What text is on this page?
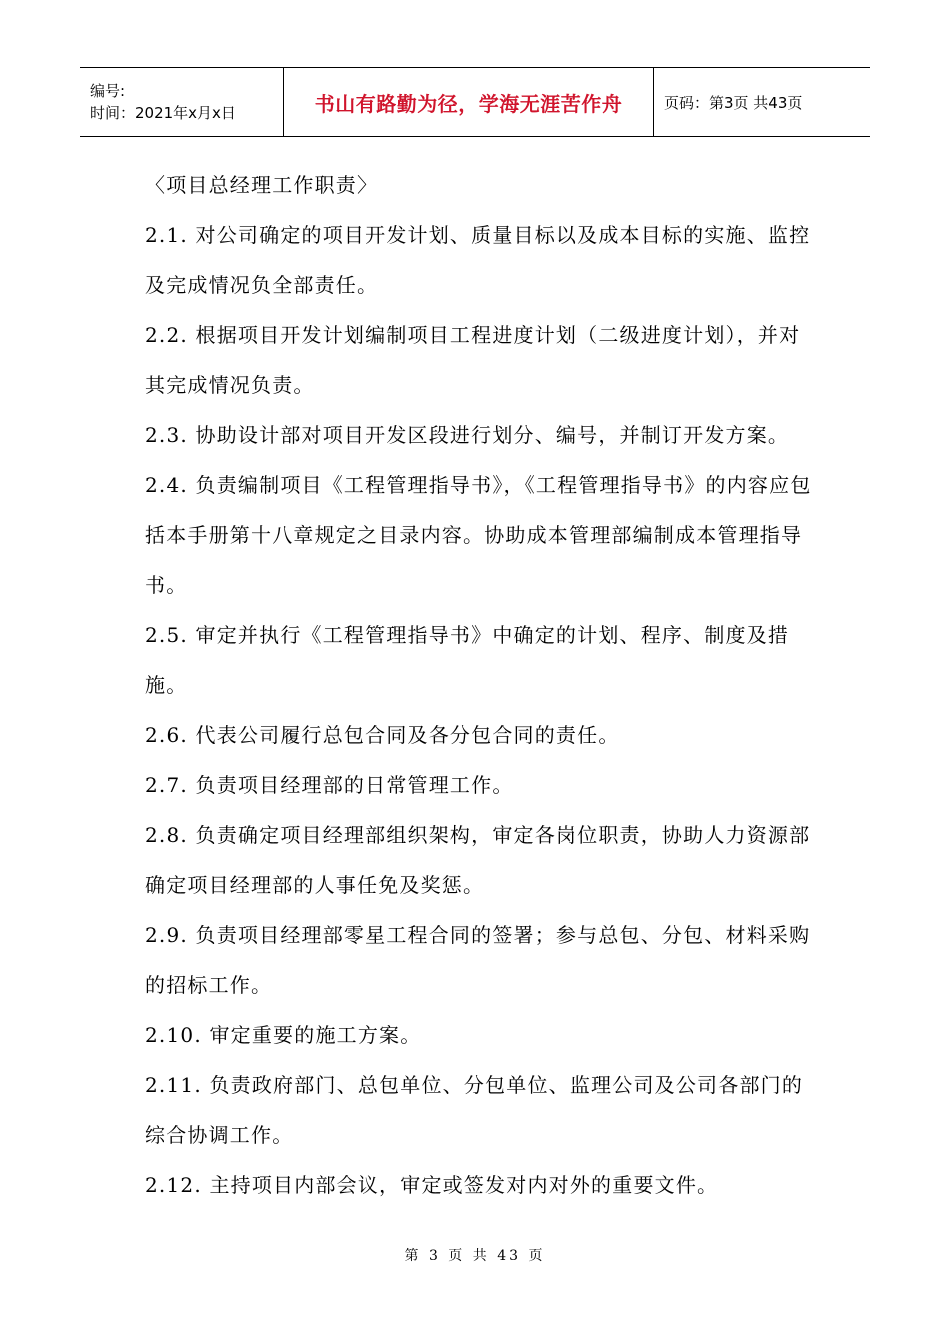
编号:
时间：2021年x月x日	书山有路勤为径，学海无涯苦作舟	页码：第3页 共43页

〈项目总经理工作职责〉

2.1. 对公司确定的项目开发计划、质量目标以及成本目标的实施、监控及完成情况负全部责任。

2.2. 根据项目开发计划编制项目工程进度计划（二级进度计划），并对其完成情况负责。

2.3. 协助设计部对项目开发区段进行划分、编号，并制订开发方案。

2.4. 负责编制项目《工程管理指导书》，《工程管理指导书》的内容应包括本手册第十八章规定之目录内容。协助成本管理部编制成本管理指导书。

2.5. 审定并执行《工程管理指导书》中确定的计划、程序、制度及措施。

2.6. 代表公司履行总包合同及各分包合同的责任。

2.7. 负责项目经理部的日常管理工作。

2.8. 负责确定项目经理部组织架构，审定各岗位职责，协助人力资源部确定项目经理部的人事任免及奖惩。

2.9. 负责项目经理部零星工程合同的签署；参与总包、分包、材料采购的招标工作。

2.10. 审定重要的施工方案。

2.11. 负责政府部门、总包单位、分包单位、监理公司及公司各部门的综合协调工作。

2.12. 主持项目内部会议，审定或签发对内对外的重要文件。

第 3 页 共 43 页
